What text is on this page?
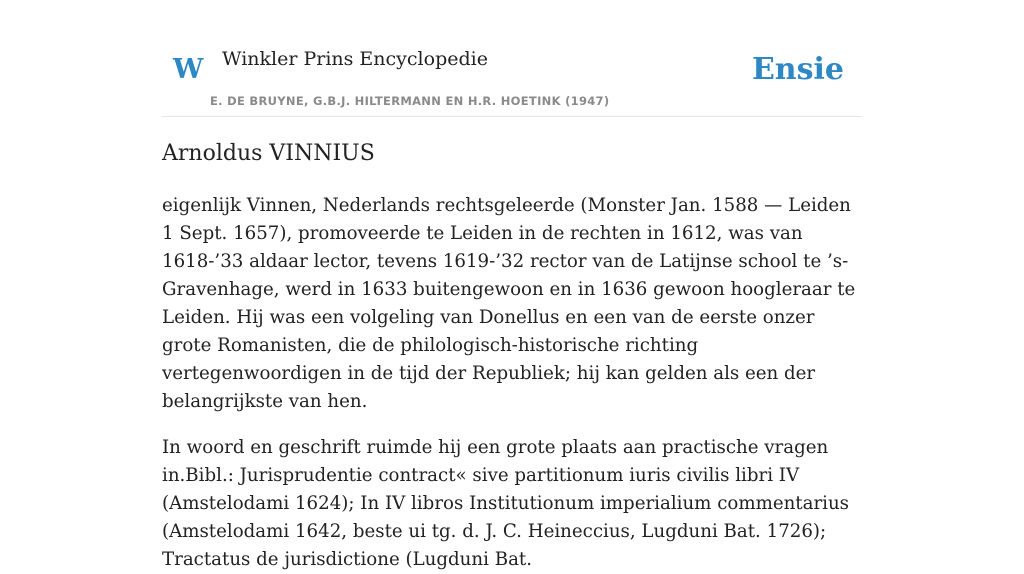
W Winkler Prins Encyclopedie
E. DE BRUYNE, G.B.J. HILTERMANN EN H.R. HOETINK (1947)
Ensie
Arnoldus VINNIUS

eigenlijk Vinnen, Nederlands rechtsgeleerde (Monster Jan. 1588 — Leiden 1 Sept. 1657), promoveerde te Leiden in de rechten in 1612, was van 1618-’33 aldaar lector, tevens 1619-’32 rector van de Latijnse school te ’s-Gravenhage, werd in 1633 buitengewoon en in 1636 gewoon hoogleraar te Leiden. Hij was een volgeling van Donellus en een van de eerste onzer grote Romanisten, die de philologisch-historische richting vertegenwoordigen in de tijd der Republiek; hij kan gelden als een der belangrijkste van hen.

In woord en geschrift ruimde hij een grote plaats aan practische vragen in.Bibl.: Jurisprudentie contract« sive partitionum iuris civilis libri IV (Amstelodami 1624); In IV libros Institutionum imperialium commentarius (Amstelodami 1642, beste ui tg. d. J. C. Heineccius, Lugduni Bat. 1726); Tractatus de jurisdictione (Lugduni Bat.
